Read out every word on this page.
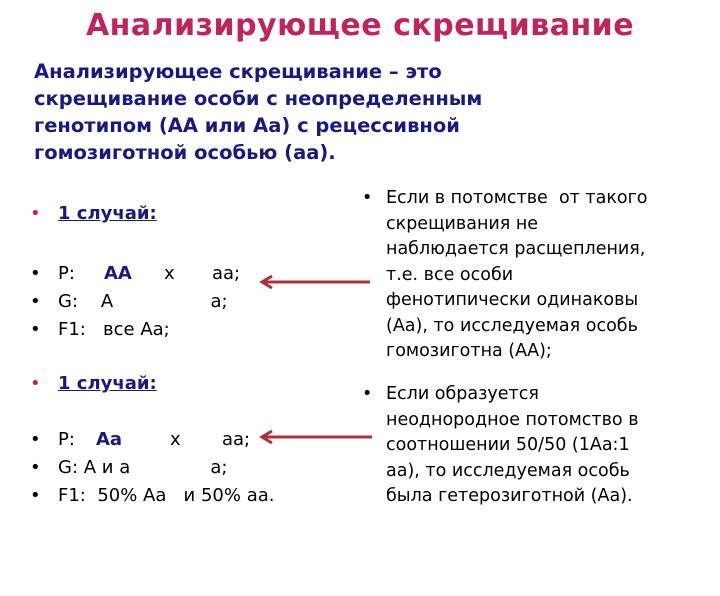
Анализирующее скрещивание
Анализирующее скрещивание – это
скрещивание особи с неопределенным
генотипом (АА или Аа) с рецессивной
гомозиготной особью (аа).

•

1 случай:

•

Р:

АА

х

аа;

•

G:    А                 а;

•

F1:   все Аа;

•

1 случай:

•

Р:

Аа

	х

аа;

•

G: А и а              а;

•

F1:  50% Аа   и 50% аа.

• Если в потомстве  от такого
скрещивания не
наблюдается расщепления,
т.е. все особи
фенотипически одинаковы
(Аа), то исследуемая особь
гомозиготна (АА);
• Если образуется
неоднородное потомство в
соотношении 50/50 (1Аа:1
аа), то исследуемая особь
была гетерозиготной (Аа).
